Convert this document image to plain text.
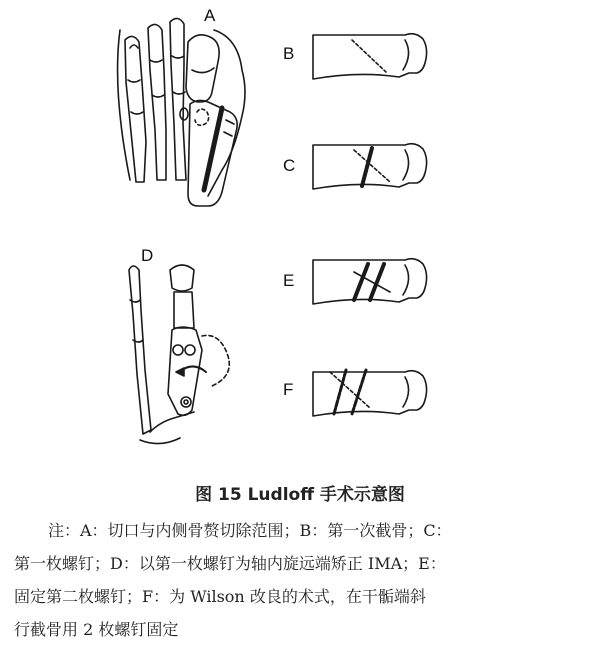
A
B
C
D
E
F
图 15 Ludloff 手术示意图
注：A：切口与内侧骨赘切除范围；B：第一次截骨；C：
第一枚螺钉；D：以第一枚螺钉为轴内旋远端矫正 IMA；E：
固定第二枚螺钉；F：为 Wilson 改良的术式，在干骺端斜
行截骨用 2 枚螺钉固定
